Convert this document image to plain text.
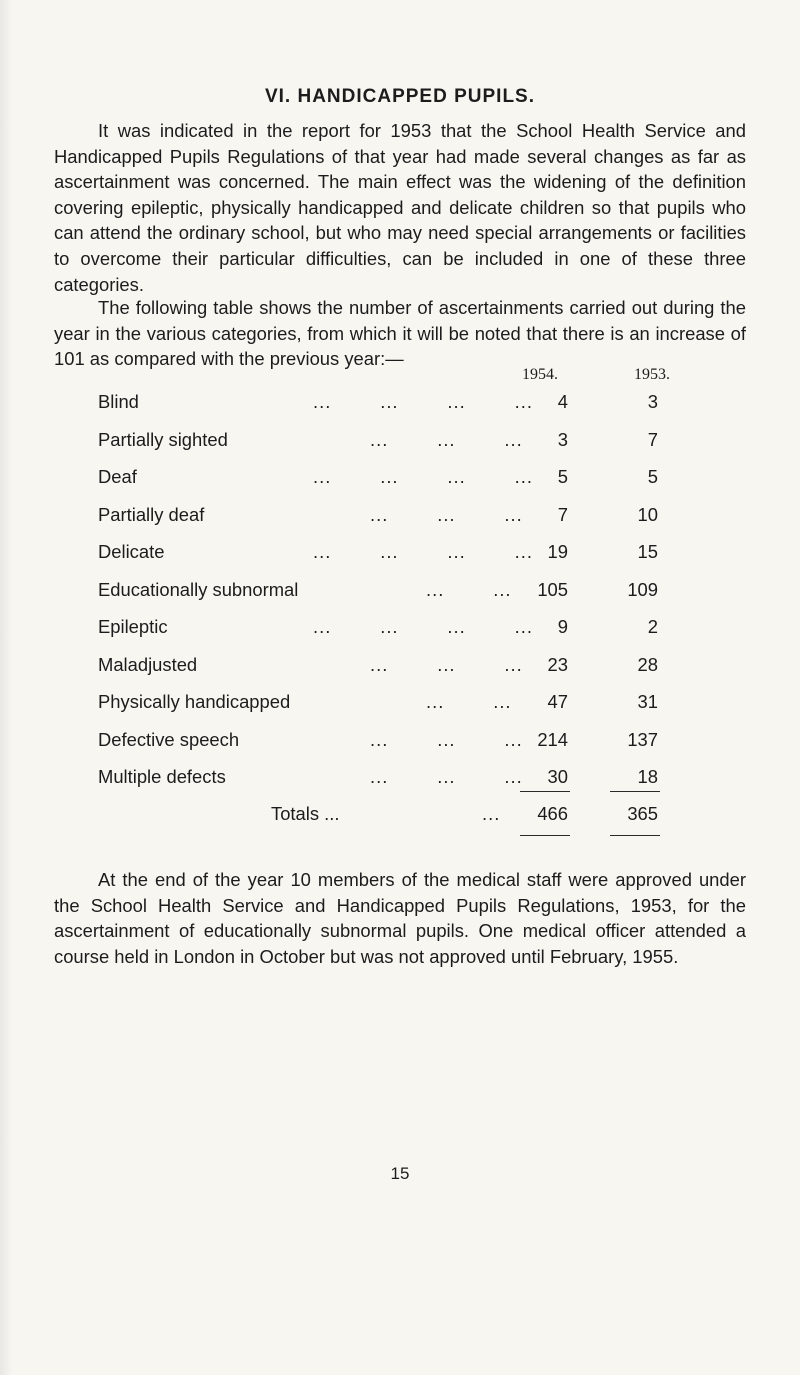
VI. HANDICAPPED PUPILS.

It was indicated in the report for 1953 that the School Health Service and Handicapped Pupils Regulations of that year had made several changes as far as ascertainment was concerned. The main effect was the widening of the definition covering epileptic, physically handicapped and delicate children so that pupils who can attend the ordinary school, but who may need special arrangements or facilities to overcome their particular difficulties, can be included in one of these three categories.

The following table shows the number of ascertainments carried out during the year in the various categories, from which it will be noted that there is an increase of 101 as compared with the previous year:—

1954.	1953.
Blind	...        ...        ...        ... 4	3
Partially sighted	...        ...        ... 3	7
Deaf	...        ...        ...        ... 5	5
Partially deaf	...        ...        ... 7	10
Delicate	...        ...        ...        ... 19	15
Educationally subnormal	...        ... 105	109
Epileptic	...        ...        ...        ... 9	2
Maladjusted	...        ...        ... 23	28
Physically handicapped	...        ... 47	31
Defective speech	...        ...        ... 214	137
Multiple defects	...        ...        ... 30	18
Totals ...	... 466	365

At the end of the year 10 members of the medical staff were approved under the School Health Service and Handicapped Pupils Regulations, 1953, for the ascertainment of educationally subnormal pupils. One medical officer attended a course held in London in October but was not approved until February, 1955.

15
